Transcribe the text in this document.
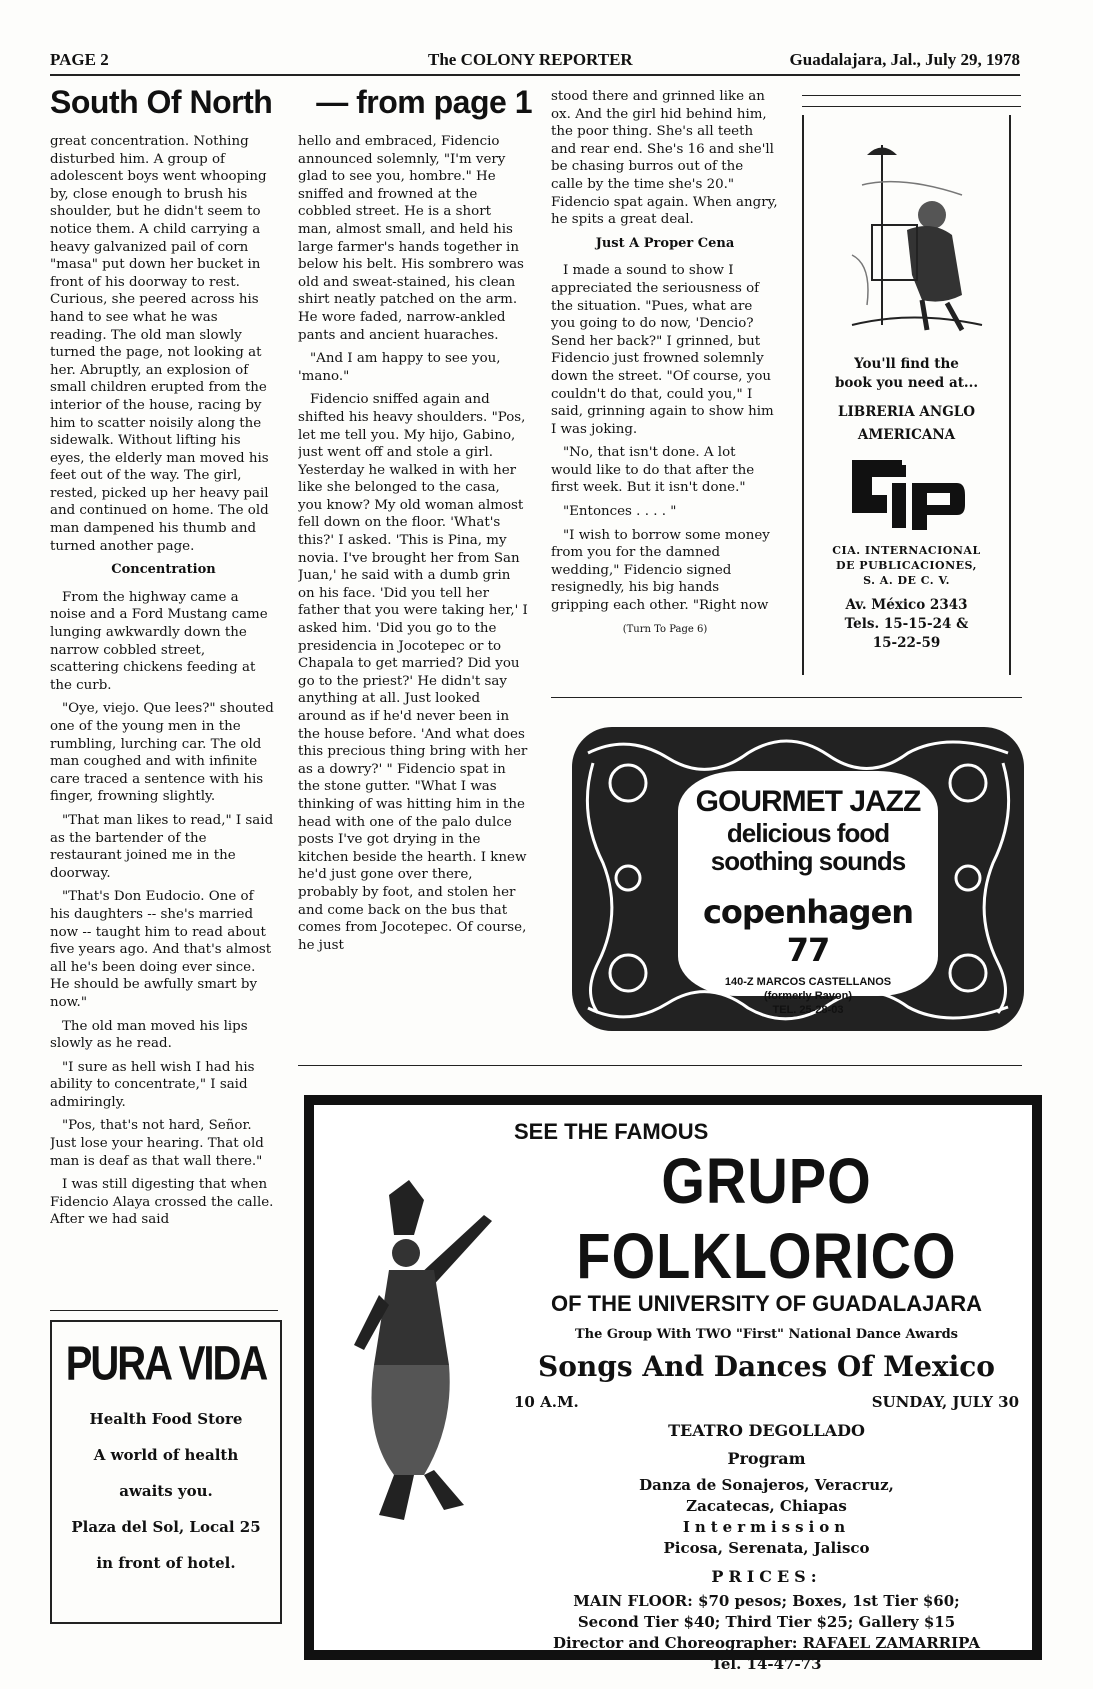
PAGE 2	The COLONY REPORTER	Guadalajara, Jal., July 29, 1978
South Of North — from page 1

great concentration. Nothing disturbed him. A group of adolescent boys went whooping by, close enough to brush his shoulder, but he didn't seem to notice them. A child carrying a heavy galvanized pail of corn "masa" put down her bucket in front of his doorway to rest. Curious, she peered across his hand to see what he was reading. The old man slowly turned the page, not looking at her. Abruptly, an explosion of small children erupted from the interior of the house, racing by him to scatter noisily along the sidewalk. Without lifting his eyes, the elderly man moved his feet out of the way. The girl, rested, picked up her heavy pail and continued on home. The old man dampened his thumb and turned another page.

Concentration

From the highway came a noise and a Ford Mustang came lunging awkwardly down the narrow cobbled street, scattering chickens feeding at the curb.

"Oye, viejo. Que lees?" shouted one of the young men in the rumbling, lurching car. The old man coughed and with infinite care traced a sentence with his finger, frowning slightly.

"That man likes to read," I said as the bartender of the restaurant joined me in the doorway.

"That's Don Eudocio. One of his daughters -- she's married now -- taught him to read about five years ago. And that's almost all he's been doing ever since. He should be awfully smart by now."

The old man moved his lips slowly as he read.

"I sure as hell wish I had his ability to concentrate," I said admiringly.

"Pos, that's not hard, Señor. Just lose your hearing. That old man is deaf as that wall there."

I was still digesting that when Fidencio Alaya crossed the calle. After we had said

hello and embraced, Fidencio announced solemnly, "I'm very glad to see you, hombre." He sniffed and frowned at the cobbled street. He is a short man, almost small, and held his large farmer's hands together in below his belt. His sombrero was old and sweat-stained, his clean shirt neatly patched on the arm. He wore faded, narrow-ankled pants and ancient huaraches.

"And I am happy to see you, 'mano."

Fidencio sniffed again and shifted his heavy shoulders. "Pos, let me tell you. My hijo, Gabino, just went off and stole a girl. Yesterday he walked in with her like she belonged to the casa, you know? My old woman almost fell down on the floor. 'What's this?' I asked. 'This is Pina, my novia. I've brought her from San Juan,' he said with a dumb grin on his face. 'Did you tell her father that you were taking her,' I asked him. 'Did you go to the presidencia in Jocotepec or to Chapala to get married? Did you go to the priest?' He didn't say anything at all. Just looked around as if he'd never been in the house before. 'And what does this precious thing bring with her as a dowry?' " Fidencio spat in the stone gutter. "What I was thinking of was hitting him in the head with one of the palo dulce posts I've got drying in the kitchen beside the hearth. I knew he'd just gone over there, probably by foot, and stolen her and come back on the bus that comes from Jocotepec. Of course, he just

stood there and grinned like an ox. And the girl hid behind him, the poor thing. She's all teeth and rear end. She's 16 and she'll be chasing burros out of the calle by the time she's 20." Fidencio spat again. When angry, he spits a great deal.

Just A Proper Cena

I made a sound to show I appreciated the seriousness of the situation. "Pues, what are you going to do now, 'Dencio? Send her back?" I grinned, but Fidencio just frowned solemnly down the street. "Of course, you couldn't do that, could you," I said, grinning again to show him I was joking.

"No, that isn't done. A lot would like to do that after the first week. But it isn't done."

"Entonces . . . . "

"I wish to borrow some money from you for the damned wedding," Fidencio signed resignedly, his big hands gripping each other. "Right now

(Turn To Page 6)
You'll find the
book you need at...
LIBRERIA ANGLO
AMERICANA
CIA. INTERNACIONAL
DE PUBLICACIONES,
S. A. DE C. V.
Av. México 2343
Tels. 15-15-24 &
15-22-59
GOURMET JAZZ
delicious food
soothing sounds
copenhagen 77
140-Z MARCOS CASTELLANOS
(formerly Rayon)
TEL. 25-28-03
PURA VIDA
Health Food Store
A world of health
awaits you.
Plaza del Sol, Local 25
in front of hotel.
SEE THE FAMOUS
GRUPO FOLKLORICO
OF THE UNIVERSITY OF GUADALAJARA
The Group With TWO "First" National Dance Awards
Songs And Dances Of Mexico
10 A.M.	SUNDAY, JULY 30
TEATRO DEGOLLADO
Program
Danza de Sonajeros, Veracruz,
Zacatecas, Chiapas
Intermission
Picosa, Serenata, Jalisco
PRICES:
MAIN FLOOR: $70 pesos; Boxes, 1st Tier $60;
Second Tier $40; Third Tier $25; Gallery $15
Director and Choreographer: RAFAEL ZAMARRIPA
Tel. 14-47-73
